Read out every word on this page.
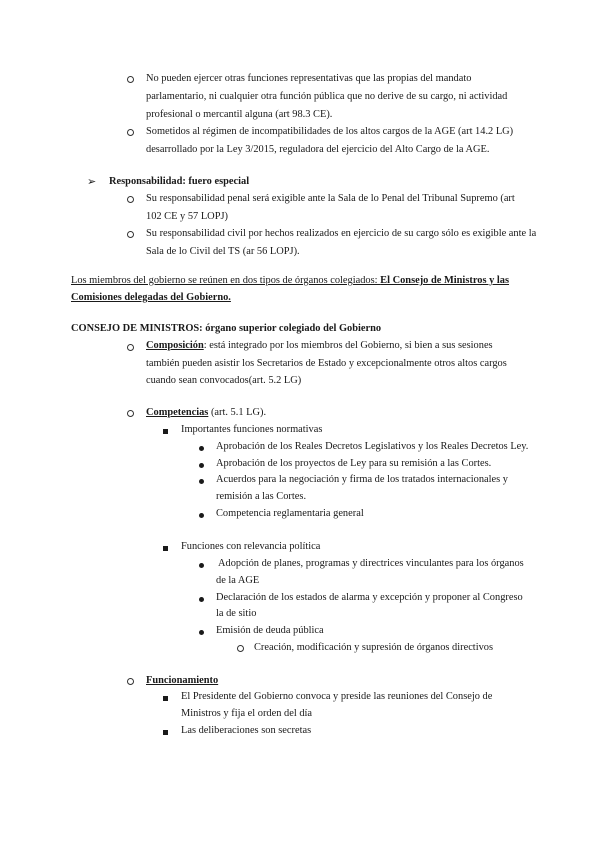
No pueden ejercer otras funciones representativas que las propias del mandato
parlamentario, ni cualquier otra función pública que no derive de su cargo, ni actividad
profesional o mercantil alguna (art 98.3 CE).
Sometidos al régimen de incompatibilidades de los altos cargos de la AGE (art 14.2 LG)
desarrollado por la Ley 3/2015, reguladora del ejercicio del Alto Cargo de la AGE.
➢ Responsabilidad: fuero especial
Su responsabilidad penal será exigible ante la Sala de lo Penal del Tribunal Supremo (art
102 CE y 57 LOPJ)
Su responsabilidad civil por hechos realizados en ejercicio de su cargo sólo es exigible ante la
Sala de lo Civil del TS (ar 56 LOPJ).
Los miembros del gobierno se reúnen en dos tipos de órganos colegiados: El Consejo de Ministros y las
Comisiones delegadas del Gobierno.
CONSEJO DE MINISTROS: órgano superior colegiado del Gobierno
Composición: está integrado por los miembros del Gobierno, si bien a sus sesiones
también pueden asistir los Secretarios de Estado y excepcionalmente otros altos cargos
cuando sean convocados(art. 5.2 LG)
Competencias (art. 5.1 LG).
Importantes funciones normativas
Aprobación de los Reales Decretos Legislativos y los Reales Decretos Ley.
Aprobación de los proyectos de Ley para su remisión a las Cortes.
Acuerdos para la negociación y firma de los tratados internacionales y
remisión a las Cortes.
Competencia reglamentaria general
Funciones con relevancia política
Adopción de planes, programas y directrices vinculantes para los órganos
de la AGE
Declaración de los estados de alarma y excepción y proponer al Congreso
la de sitio
Emisión de deuda pública
Creación, modificación y supresión de órganos directivos
Funcionamiento
El Presidente del Gobierno convoca y preside las reuniones del Consejo de
Ministros y fija el orden del día
Las deliberaciones son secretas
